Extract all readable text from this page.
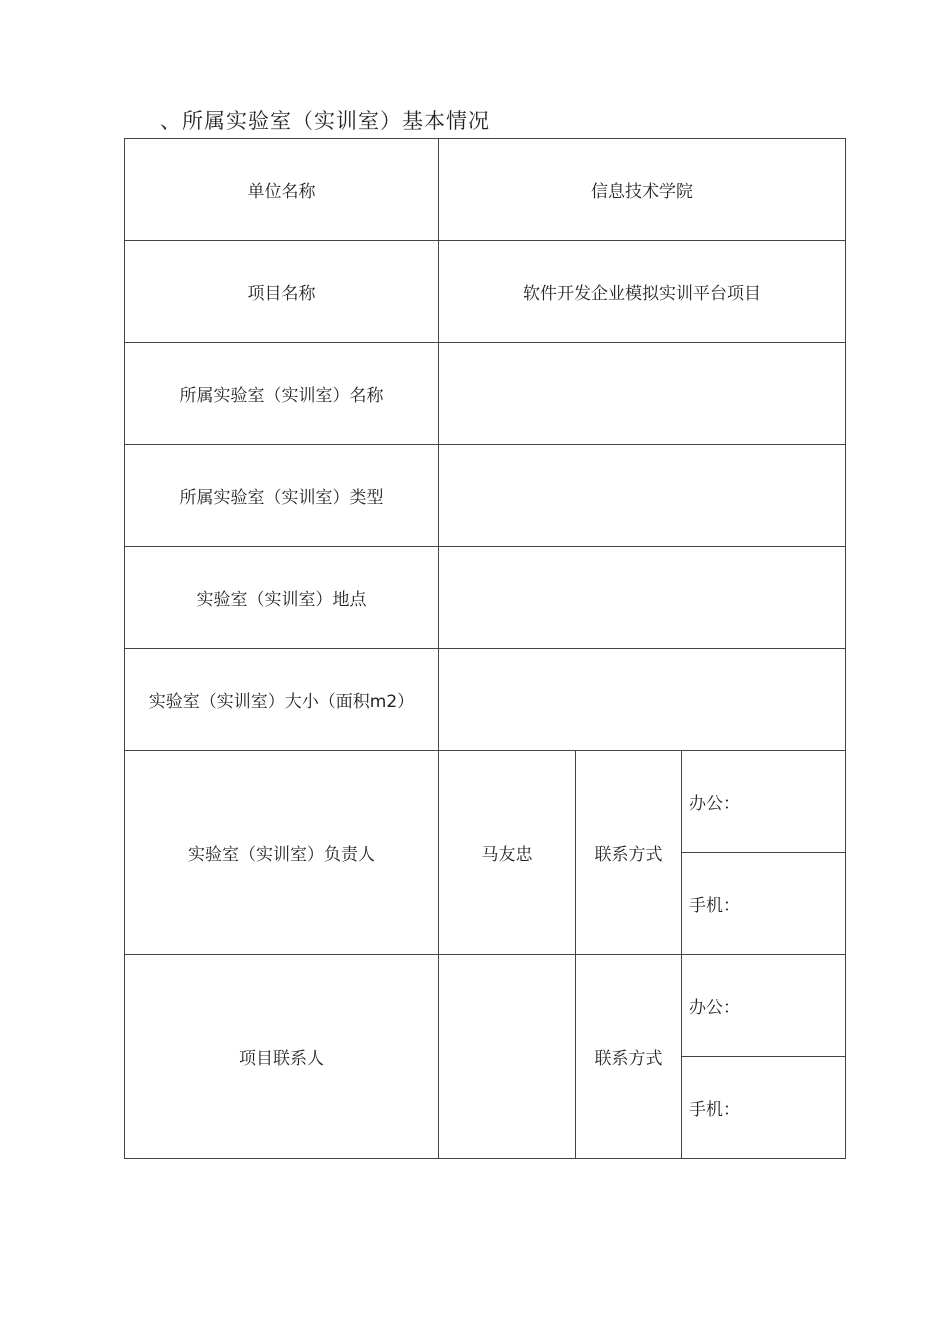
、所属实验室（实训室）基本情况
单位名称	信息技术学院		
项目名称	软件开发企业模拟实训平台项目		
所属实验室（实训室）名称			
所属实验室（实训室）类型			
实验室（实训室）地点			
实验室（实训室）大小（面积m2）			
实验室（实训室）负责人	马友忠	联系方式	办公：
			手机：
项目联系人		联系方式	办公：
			手机：
